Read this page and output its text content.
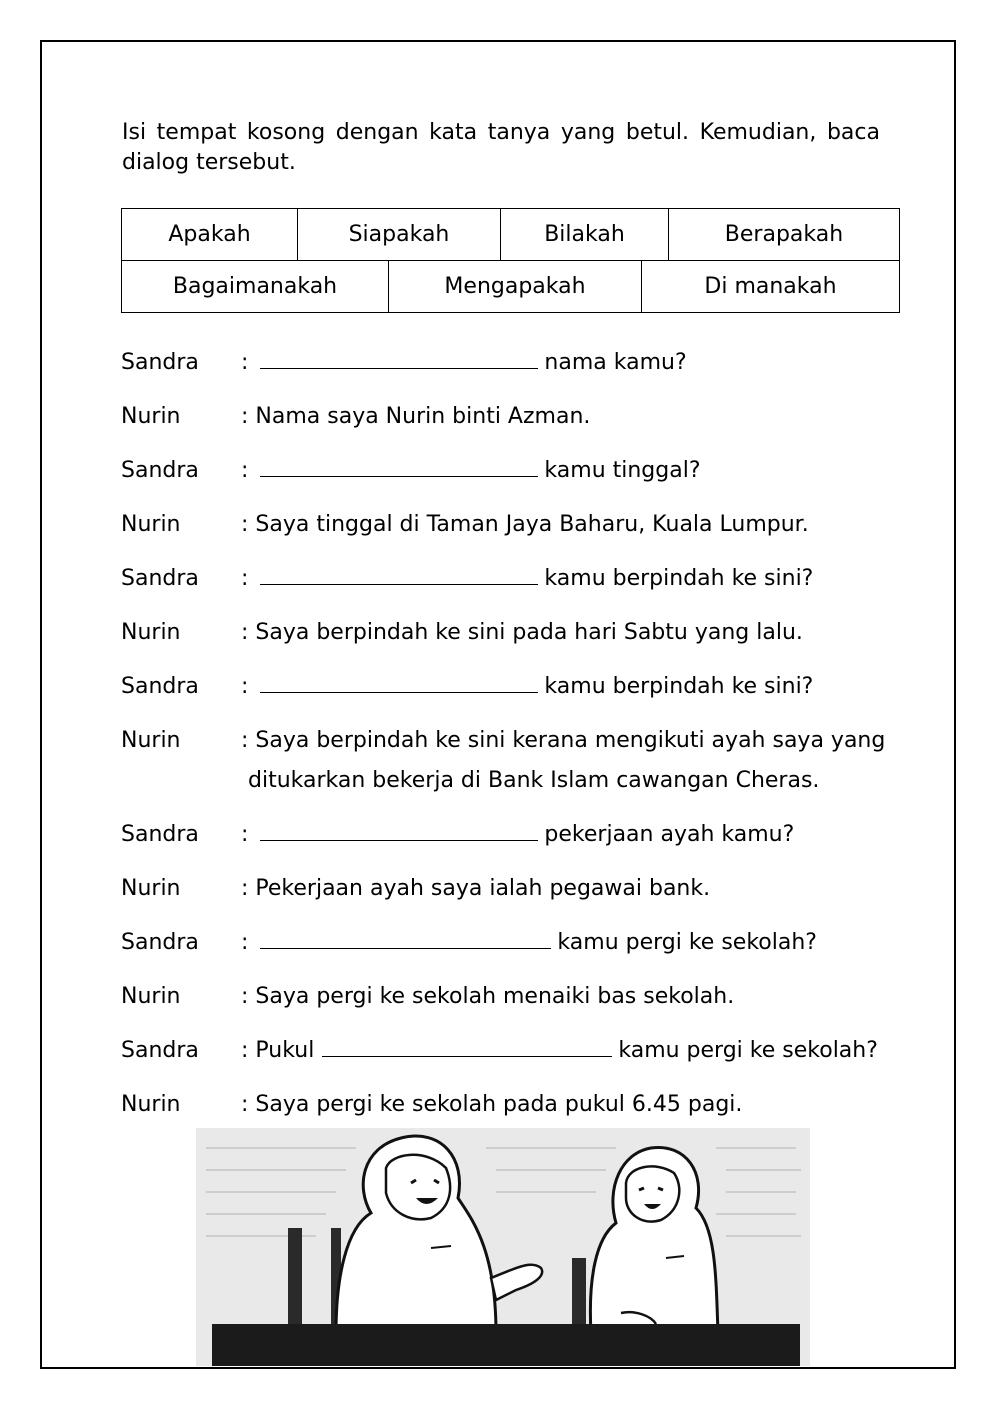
Isi tempat kosong dengan kata tanya yang betul. Kemudian, baca dialog tersebut.
Apakah	Siapakah	Bilakah	Berapakah
Bagaimanakah	Mengapakah	Di manakah
Sandra :	nama kamu?
Nurin	: Nama saya Nurin binti Azman.
Sandra :	kamu tinggal?
Nurin	: Saya tinggal di Taman Jaya Baharu, Kuala Lumpur.
Sandra :	kamu berpindah ke sini?
Nurin	: Saya berpindah ke sini pada hari Sabtu yang lalu.
Sandra :	kamu berpindah ke sini?
Nurin	: Saya berpindah ke sini kerana mengikuti ayah saya yang
ditukarkan bekerja di Bank Islam cawangan Cheras.
Sandra :	pekerjaan ayah kamu?
Nurin	: Pekerjaan ayah saya ialah pegawai bank.
Sandra :	kamu pergi ke sekolah?
Nurin	: Saya pergi ke sekolah menaiki bas sekolah.
Sandra : Pukul	kamu pergi ke sekolah?
Nurin	: Saya pergi ke sekolah pada pukul 6.45 pagi.
